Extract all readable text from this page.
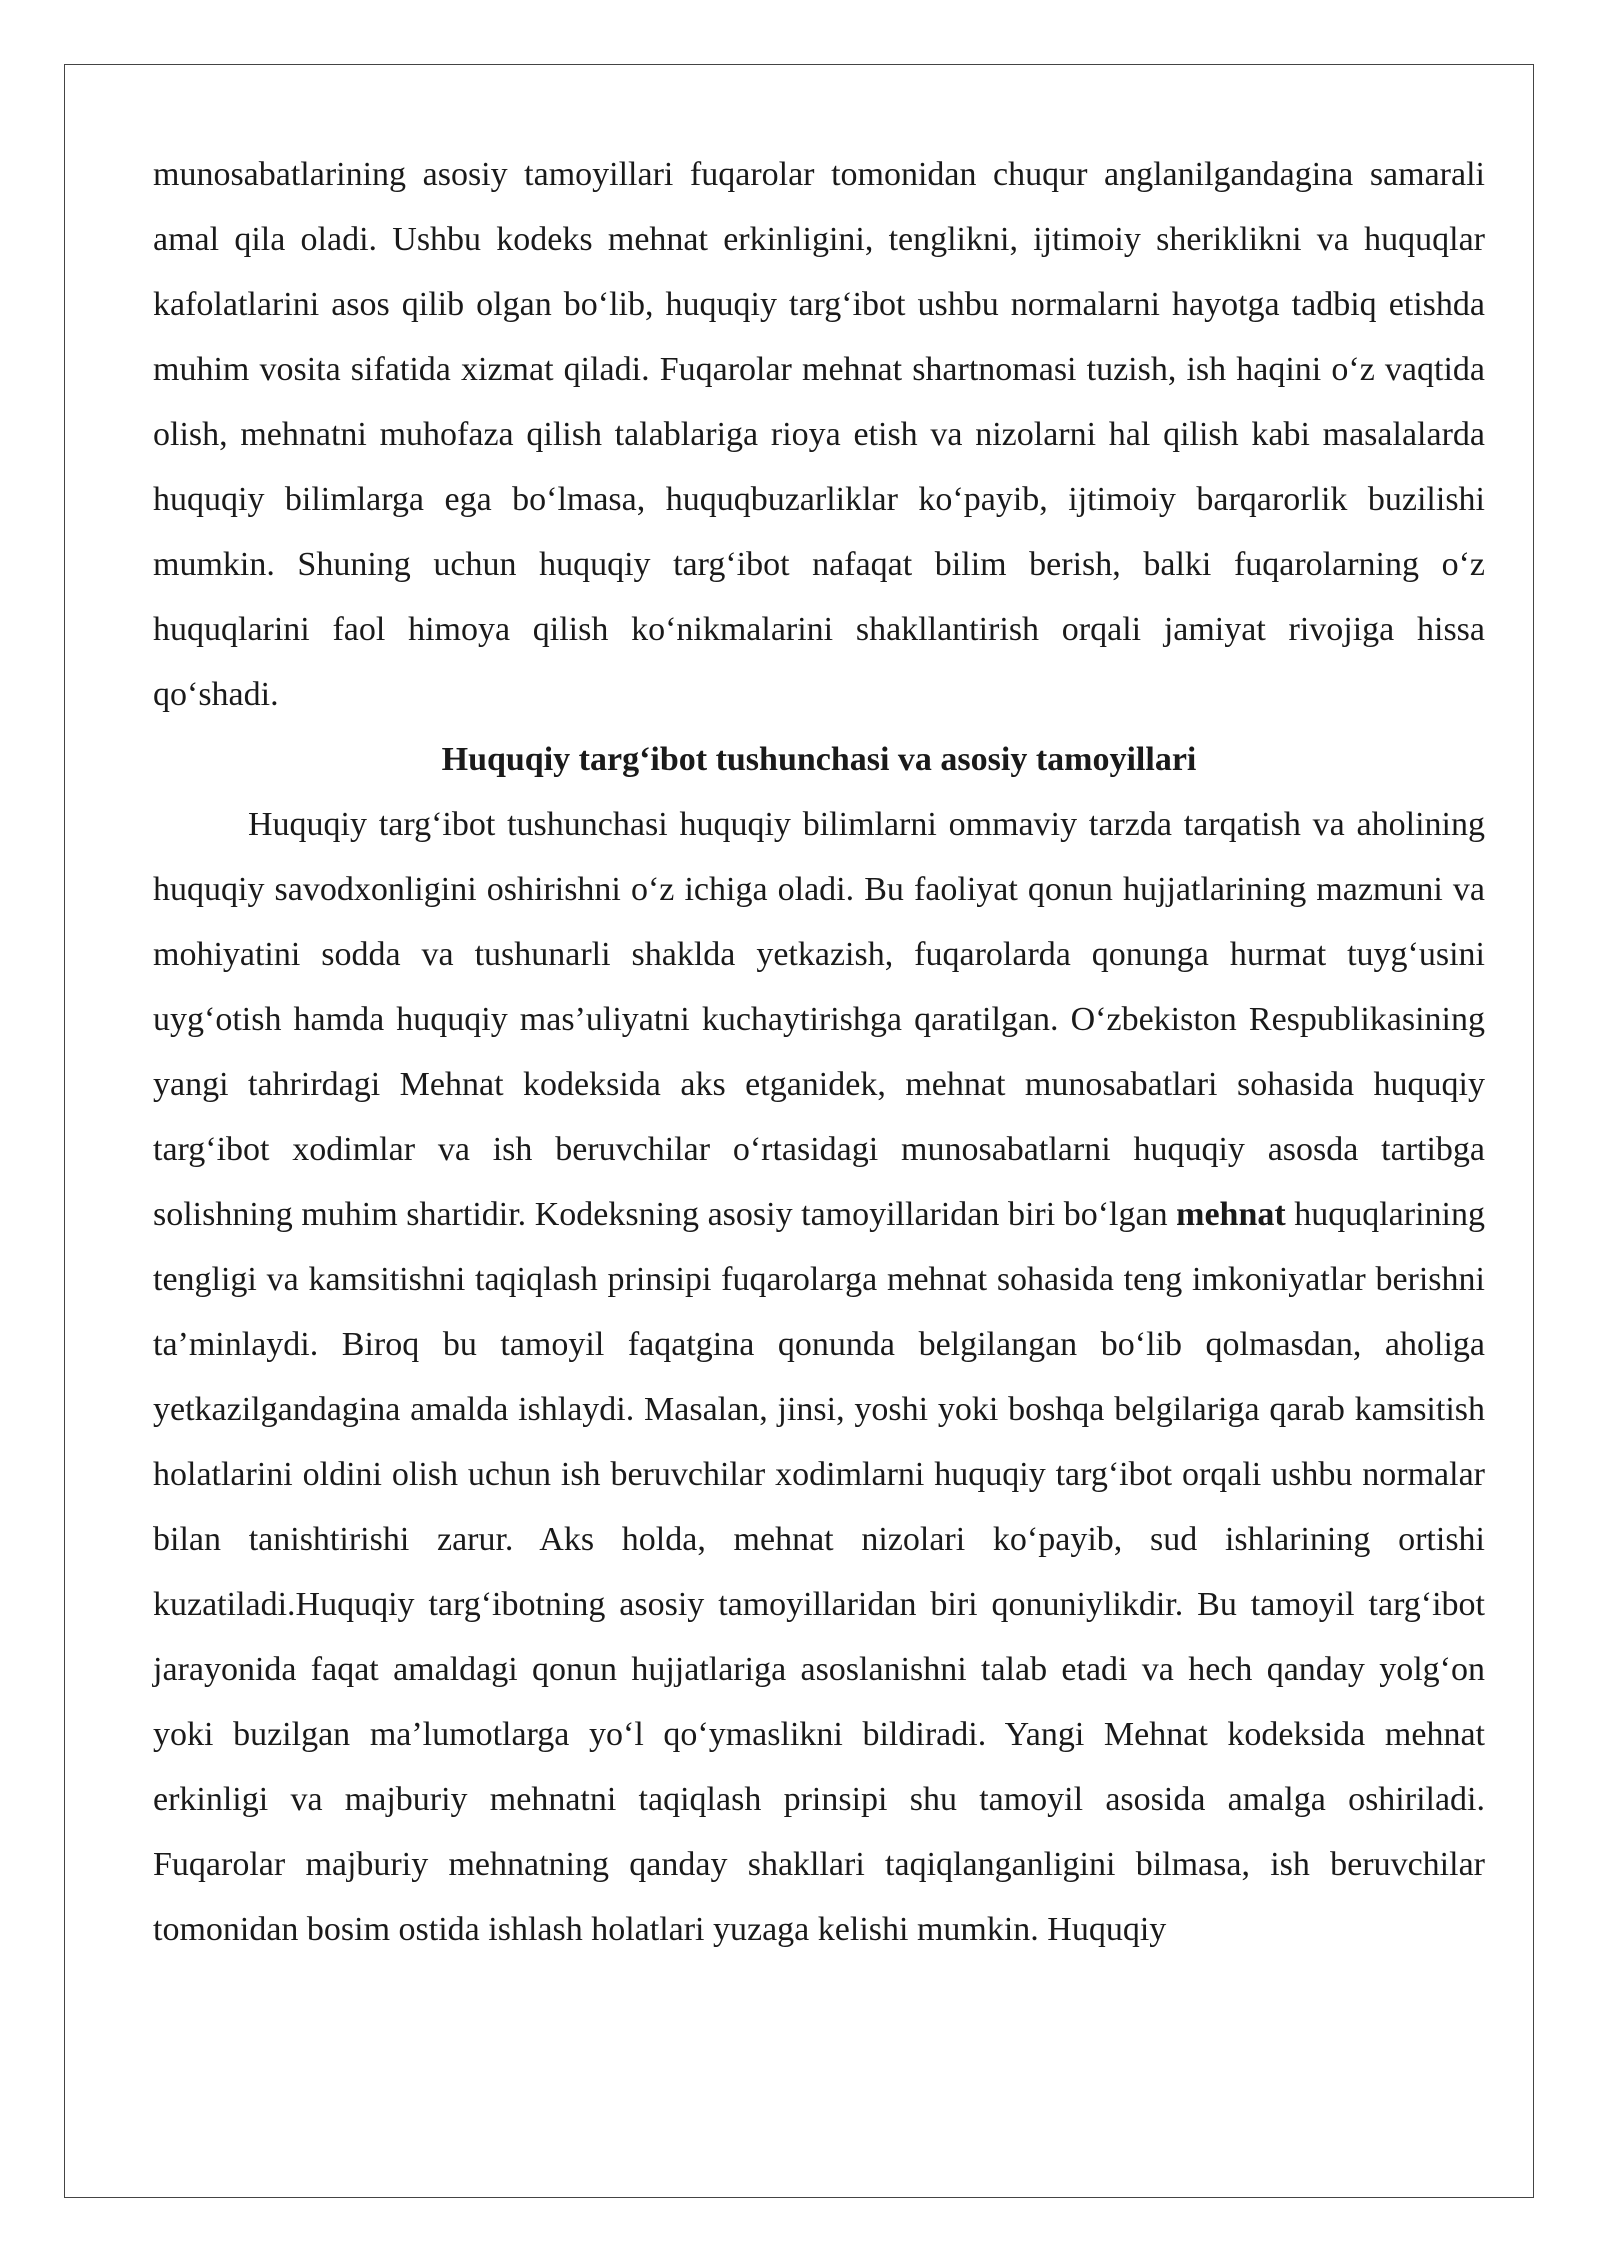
munosabatlarining asosiy tamoyillari fuqarolar tomonidan chuqur anglanilgandagina samarali amal qila oladi. Ushbu kodeks mehnat erkinligini, tenglikni, ijtimoiy sheriklikni va huquqlar kafolatlarini asos qilib olgan bo‘lib, huquqiy targ‘ibot ushbu normalarni hayotga tadbiq etishda muhim vosita sifatida xizmat qiladi. Fuqarolar mehnat shartnomasi tuzish, ish haqini o‘z vaqtida olish, mehnatni muhofaza qilish talablariga rioya etish va nizolarni hal qilish kabi masalalarda huquqiy bilimlarga ega bo‘lmasa, huquqbuzarliklar ko‘payib, ijtimoiy barqarorlik buzilishi mumkin. Shuning uchun huquqiy targ‘ibot nafaqat bilim berish, balki fuqarolarning o‘z huquqlarini faol himoya qilish ko‘nikmalarini shakllantirish orqali jamiyat rivojiga hissa qo‘shadi.

Huquqiy targ‘ibot tushunchasi va asosiy tamoyillari

Huquqiy targ‘ibot tushunchasi huquqiy bilimlarni ommaviy tarzda tarqatish va aholining huquqiy savodxonligini oshirishni o‘z ichiga oladi. Bu faoliyat qonun hujjatlarining mazmuni va mohiyatini sodda va tushunarli shaklda yetkazish, fuqarolarda qonunga hurmat tuyg‘usini uyg‘otish hamda huquqiy mas’uliyatni kuchaytirishga qaratilgan. O‘zbekiston Respublikasining yangi tahrirdagi Mehnat kodeksida aks etganidek, mehnat munosabatlari sohasida huquqiy targ‘ibot xodimlar va ish beruvchilar o‘rtasidagi munosabatlarni huquqiy asosda tartibga solishning muhim shartidir. Kodeksning asosiy tamoyillaridan biri bo‘lgan mehnat huquqlarining tengligi va kamsitishni taqiqlash prinsipi fuqarolarga mehnat sohasida teng imkoniyatlar berishni ta’minlaydi. Biroq bu tamoyil faqatgina qonunda belgilangan bo‘lib qolmasdan, aholiga yetkazilgandagina amalda ishlaydi. Masalan, jinsi, yoshi yoki boshqa belgilariga qarab kamsitish holatlarini oldini olish uchun ish beruvchilar xodimlarni huquqiy targ‘ibot orqali ushbu normalar bilan tanishtirishi zarur. Aks holda, mehnat nizolari ko‘payib, sud ishlarining ortishi kuzatiladi.Huquqiy targ‘ibotning asosiy tamoyillaridan biri qonuniylikdir. Bu tamoyil targ‘ibot jarayonida faqat amaldagi qonun hujjatlariga asoslanishni talab etadi va hech qanday yolg‘on yoki buzilgan ma’lumotlarga yo‘l qo‘ymaslikni bildiradi. Yangi Mehnat kodeksida mehnat erkinligi va majburiy mehnatni taqiqlash prinsipi shu tamoyil asosida amalga oshiriladi. Fuqarolar majburiy mehnatning qanday shakllari taqiqlanganligini bilmasa, ish beruvchilar tomonidan bosim ostida ishlash holatlari yuzaga kelishi mumkin. Huquqiy
